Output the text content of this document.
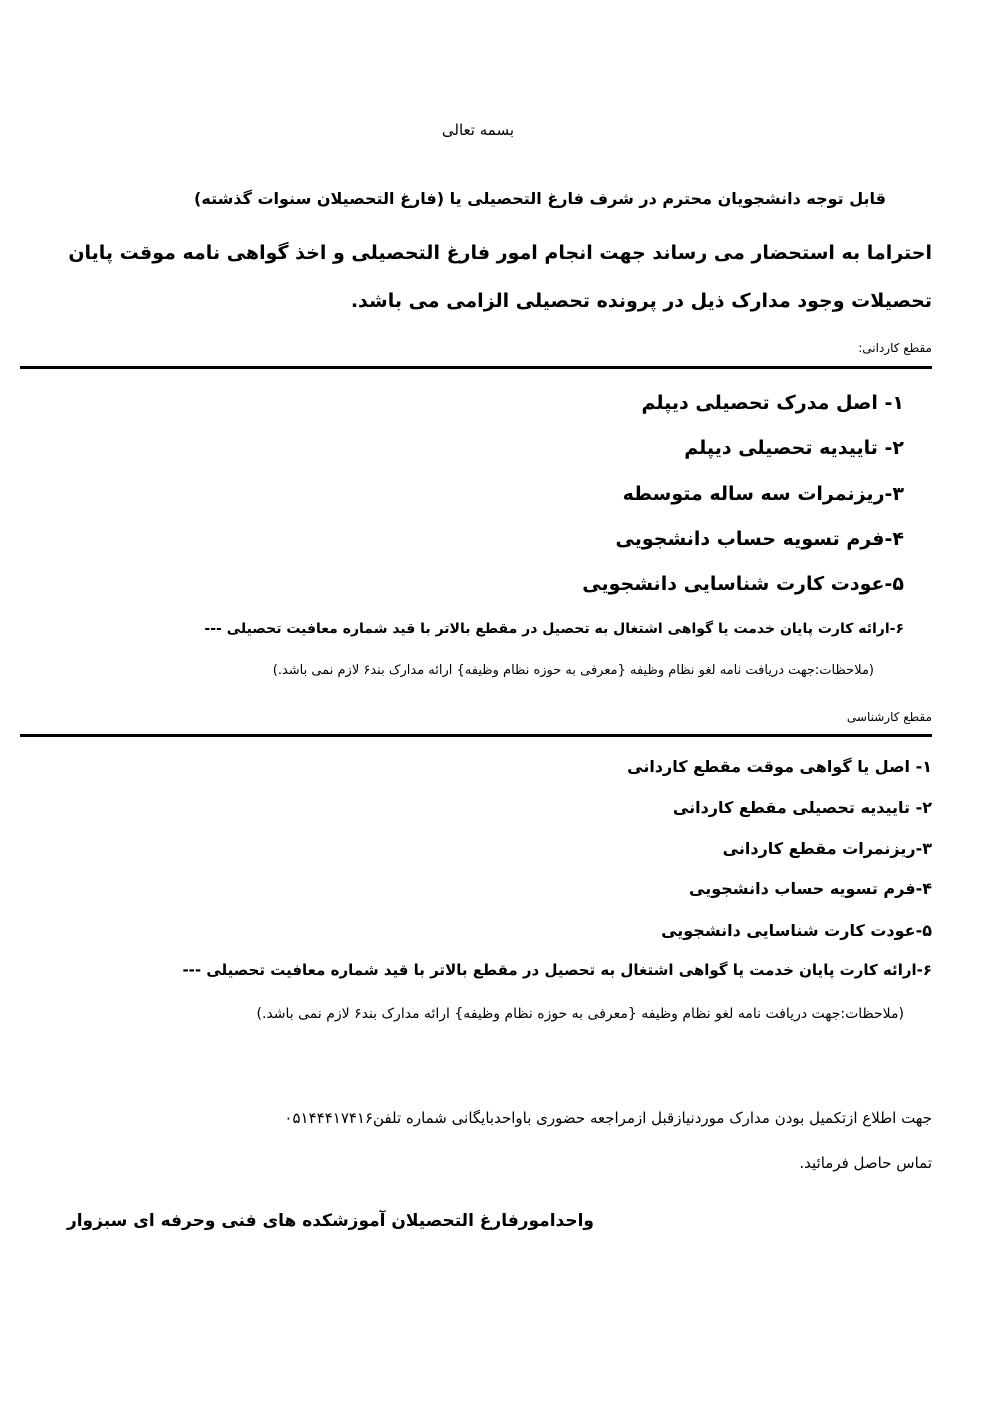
بسمه تعالی
قابل توجه دانشجویان محترم در شرف فارغ التحصیلی یا (فارغ التحصیلان سنوات گذشته)
احتراما به استحضار می رساند جهت انجام امور فارغ التحصیلی و اخذ گواهی نامه موقت پایان
تحصیلات وجود مدارک ذیل در پرونده تحصیلی الزامی می باشد.
مقطع کاردانی:
۱- اصل مدرک تحصیلی دیپلم
۲- تاییدیه تحصیلی دیپلم
۳-ریزنمرات سه ساله متوسطه
۴-فرم تسویه حساب دانشجویی
۵-عودت کارت شناسایی دانشجویی
۶-ارائه کارت پایان خدمت یا گواهی اشتغال به تحصیل در مقطع بالاتر با قید شماره معافیت تحصیلی ---
(ملاحظات:جهت دریافت نامه لغو نظام وظیفه {معرفی به حوزه نظام وظیفه} ارائه مدارک بند۶ لازم نمی باشد.)
مقطع کارشناسی
۱- اصل یا گواهی موقت مقطع کاردانی
۲- تاییدیه تحصیلی مقطع کاردانی
۳-ریزنمرات مقطع کاردانی
۴-فرم تسویه حساب دانشجویی
۵-عودت کارت شناسایی دانشجویی
۶-ارائه کارت پایان خدمت یا گواهی اشتغال به تحصیل در مقطع بالاتر با قید شماره معافیت تحصیلی ---
(ملاحظات:جهت دریافت نامه لغو نظام وظیفه {معرفی به حوزه نظام وظیفه} ارائه مدارک بند۶ لازم نمی باشد.)
جهت اطلاع ازتکمیل بودن مدارک موردنیازقبل ازمراجعه حضوری باواحدبایگانی شماره تلفن۰۵۱۴۴۴۱۷۴۱۶
تماس حاصل فرمائید.
واحدامورفارغ التحصیلان آموزشکده های فنی وحرفه ای سبزوار
